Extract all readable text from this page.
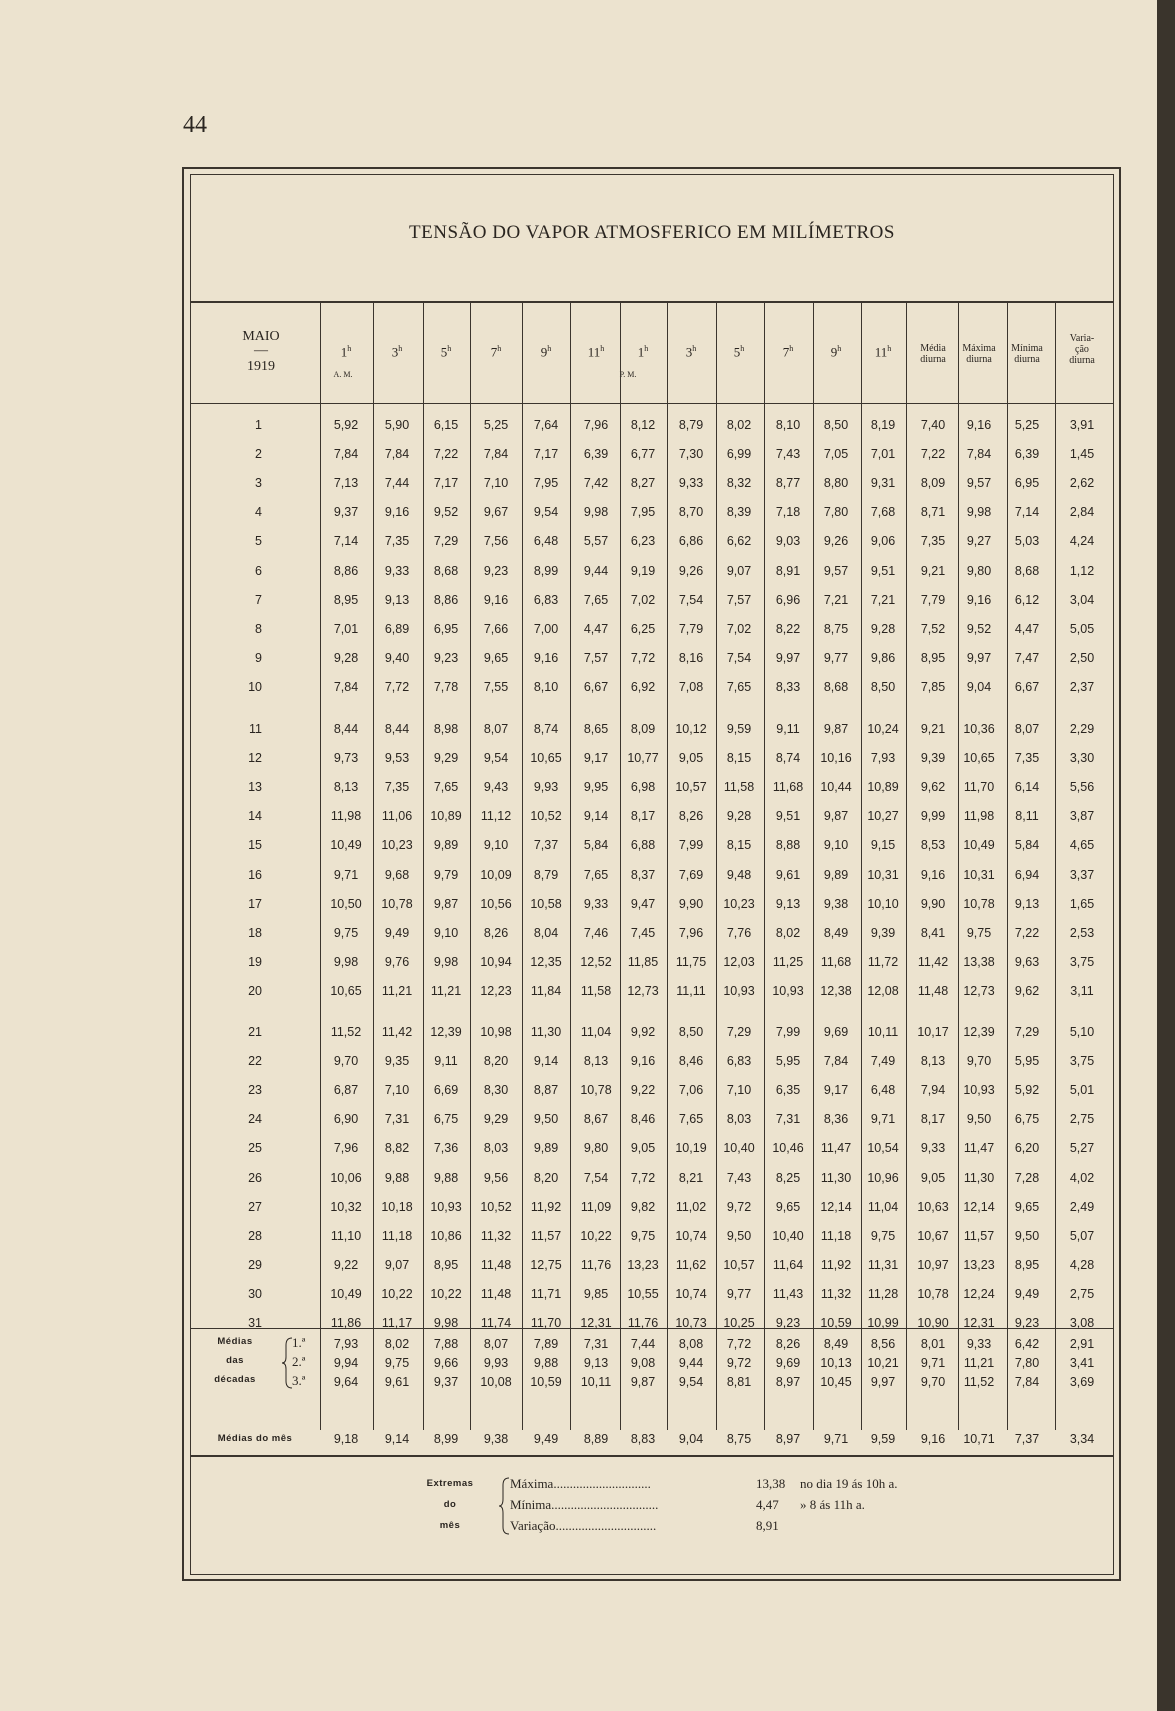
44
TENSÃO DO VAPOR ATMOSFERICO EM MILÍMETROS
MAIO
—
1919
1$^h$	3$^h$	5$^h$	7$^h$	9$^h$	11$^h$	1$^h$	3$^h$	5$^h$	7$^h$	9$^h$	11$^h$
A. M.	P. M.
Média
diurna
Máxima
diurna
Mínima
diurna
Varia-
ção
diurna
1	5,92	5,90	6,15	5,25	7,64	7,96	8,12	8,79	8,02	8,10	8,50	8,19	7,40	9,16	5,25	3,91
2	7,84	7,84	7,22	7,84	7,17	6,39	6,77	7,30	6,99	7,43	7,05	7,01	7,22	7,84	6,39	1,45
3	7,13	7,44	7,17	7,10	7,95	7,42	8,27	9,33	8,32	8,77	8,80	9,31	8,09	9,57	6,95	2,62
4	9,37	9,16	9,52	9,67	9,54	9,98	7,95	8,70	8,39	7,18	7,80	7,68	8,71	9,98	7,14	2,84
5	7,14	7,35	7,29	7,56	6,48	5,57	6,23	6,86	6,62	9,03	9,26	9,06	7,35	9,27	5,03	4,24
6	8,86	9,33	8,68	9,23	8,99	9,44	9,19	9,26	9,07	8,91	9,57	9,51	9,21	9,80	8,68	1,12
7	8,95	9,13	8,86	9,16	6,83	7,65	7,02	7,54	7,57	6,96	7,21	7,21	7,79	9,16	6,12	3,04
8	7,01	6,89	6,95	7,66	7,00	4,47	6,25	7,79	7,02	8,22	8,75	9,28	7,52	9,52	4,47	5,05
9	9,28	9,40	9,23	9,65	9,16	7,57	7,72	8,16	7,54	9,97	9,77	9,86	8,95	9,97	7,47	2,50
10	7,84	7,72	7,78	7,55	8,10	6,67	6,92	7,08	7,65	8,33	8,68	8,50	7,85	9,04	6,67	2,37
11	8,44	8,44	8,98	8,07	8,74	8,65	8,09	10,12	9,59	9,11	9,87	10,24	9,21	10,36	8,07	2,29
12	9,73	9,53	9,29	9,54	10,65	9,17	10,77	9,05	8,15	8,74	10,16	7,93	9,39	10,65	7,35	3,30
13	8,13	7,35	7,65	9,43	9,93	9,95	6,98	10,57	11,58	11,68	10,44	10,89	9,62	11,70	6,14	5,56
14	11,98	11,06	10,89	11,12	10,52	9,14	8,17	8,26	9,28	9,51	9,87	10,27	9,99	11,98	8,11	3,87
15	10,49	10,23	9,89	9,10	7,37	5,84	6,88	7,99	8,15	8,88	9,10	9,15	8,53	10,49	5,84	4,65
16	9,71	9,68	9,79	10,09	8,79	7,65	8,37	7,69	9,48	9,61	9,89	10,31	9,16	10,31	6,94	3,37
17	10,50	10,78	9,87	10,56	10,58	9,33	9,47	9,90	10,23	9,13	9,38	10,10	9,90	10,78	9,13	1,65
18	9,75	9,49	9,10	8,26	8,04	7,46	7,45	7,96	7,76	8,02	8,49	9,39	8,41	9,75	7,22	2,53
19	9,98	9,76	9,98	10,94	12,35	12,52	11,85	11,75	12,03	11,25	11,68	11,72	11,42	13,38	9,63	3,75
20	10,65	11,21	11,21	12,23	11,84	11,58	12,73	11,11	10,93	10,93	12,38	12,08	11,48	12,73	9,62	3,11
21	11,52	11,42	12,39	10,98	11,30	11,04	9,92	8,50	7,29	7,99	9,69	10,11	10,17	12,39	7,29	5,10
22	9,70	9,35	9,11	8,20	9,14	8,13	9,16	8,46	6,83	5,95	7,84	7,49	8,13	9,70	5,95	3,75
23	6,87	7,10	6,69	8,30	8,87	10,78	9,22	7,06	7,10	6,35	9,17	6,48	7,94	10,93	5,92	5,01
24	6,90	7,31	6,75	9,29	9,50	8,67	8,46	7,65	8,03	7,31	8,36	9,71	8,17	9,50	6,75	2,75
25	7,96	8,82	7,36	8,03	9,89	9,80	9,05	10,19	10,40	10,46	11,47	10,54	9,33	11,47	6,20	5,27
26	10,06	9,88	9,88	9,56	8,20	7,54	7,72	8,21	7,43	8,25	11,30	10,96	9,05	11,30	7,28	4,02
27	10,32	10,18	10,93	10,52	11,92	11,09	9,82	11,02	9,72	9,65	12,14	11,04	10,63	12,14	9,65	2,49
28	11,10	11,18	10,86	11,32	11,57	10,22	9,75	10,74	9,50	10,40	11,18	9,75	10,67	11,57	9,50	5,07
29	9,22	9,07	8,95	11,48	12,75	11,76	13,23	11,62	10,57	11,64	11,92	11,31	10,97	13,23	8,95	4,28
30	10,49	10,22	10,22	11,48	11,71	9,85	10,55	10,74	9,77	11,43	11,32	11,28	10,78	12,24	9,49	2,75
31	11,86	11,17	9,98	11,74	11,70	12,31	11,76	10,73	10,25	9,23	10,59	10,99	10,90	12,31	9,23	3,08
Médias
das
décadas
1.ª
2.ª
3.ª
7,93	8,02	7,88	8,07	7,89	7,31	7,44	8,08	7,72	8,26	8,49	8,56	8,01	9,33	6,42	2,91
9,94	9,75	9,66	9,93	9,88	9,13	9,08	9,44	9,72	9,69	10,13	10,21	9,71	11,21	7,80	3,41
9,64	9,61	9,37	10,08	10,59	10,11	9,87	9,54	8,81	8,97	10,45	9,97	9,70	11,52	7,84	3,69
Médias do mês	9,18	9,14	8,99	9,38	9,49	8,89	8,83	9,04	8,75	8,97	9,71	9,59	9,16	10,71	7,37	3,34
Extremas
do
mês
Máxima..............................	13,38 no dia 19 ás 10h a.
Mínima.................................	4,47 » 8 ás 11h a.
Variação...............................	8,91
